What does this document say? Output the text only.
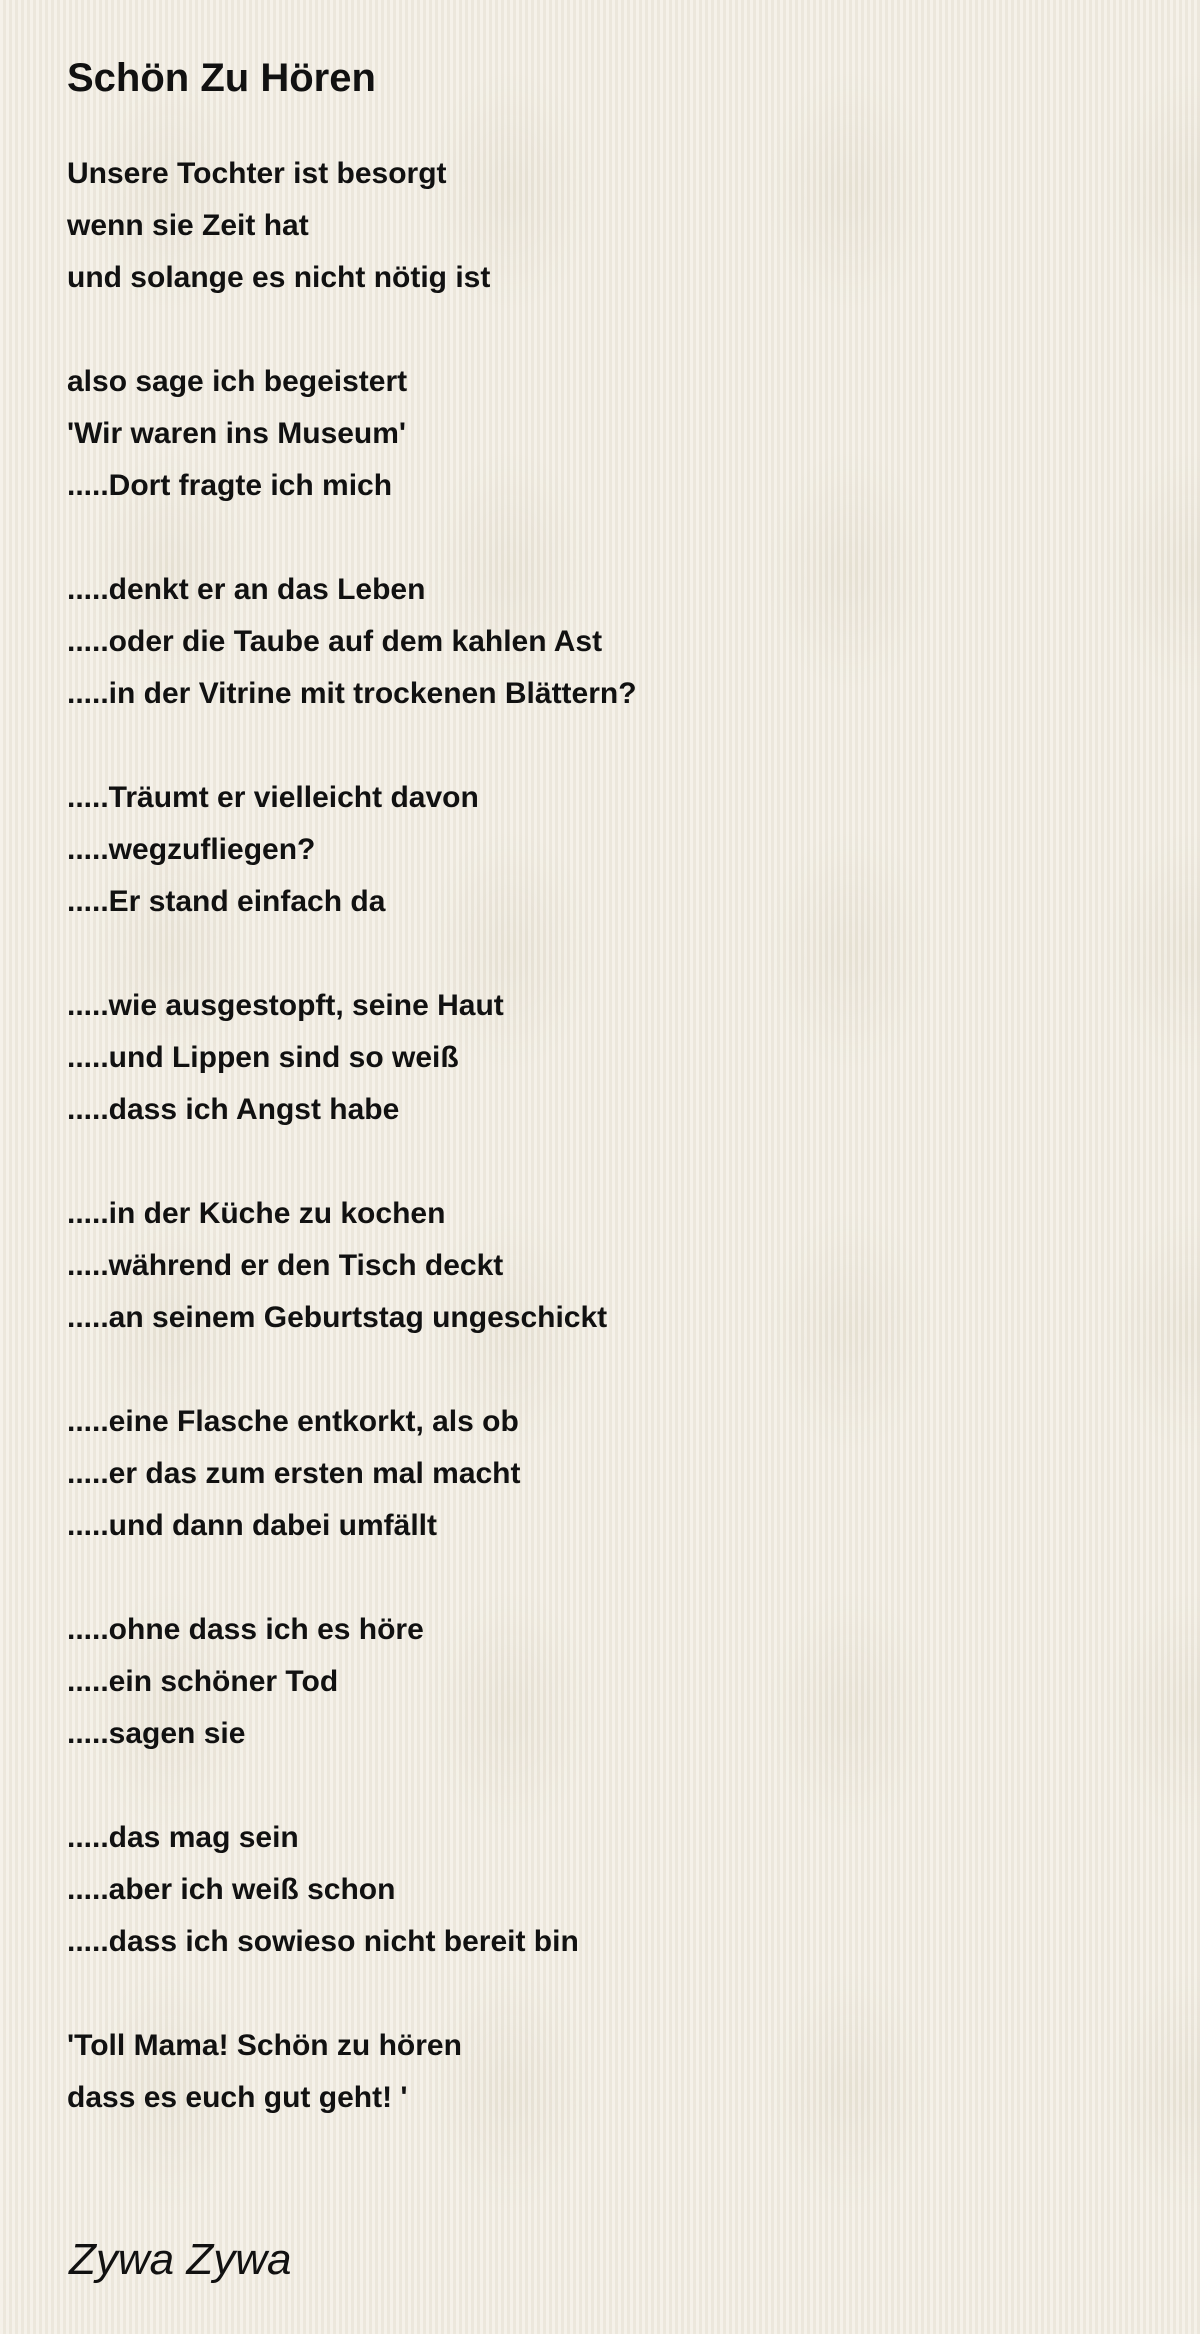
Schön Zu Hören
Unsere Tochter ist besorgt
wenn sie Zeit hat
und solange es nicht nötig ist
also sage ich begeistert
'Wir waren ins Museum'
.....Dort fragte ich mich
.....denkt er an das Leben
.....oder die Taube auf dem kahlen Ast
.....in der Vitrine mit trockenen Blättern?
.....Träumt er vielleicht davon
.....wegzufliegen?
.....Er stand einfach da
.....wie ausgestopft, seine Haut
.....und Lippen sind so weiß
.....dass ich Angst habe
.....in der Küche zu kochen
.....während er den Tisch deckt
.....an seinem Geburtstag ungeschickt
.....eine Flasche entkorkt, als ob
.....er das zum ersten mal macht
.....und dann dabei umfällt
.....ohne dass ich es höre
.....ein schöner Tod
.....sagen sie
.....das mag sein
.....aber ich weiß schon
.....dass ich sowieso nicht bereit bin
'Toll Mama! Schön zu hören
dass es euch gut geht! '
Zywa Zywa
